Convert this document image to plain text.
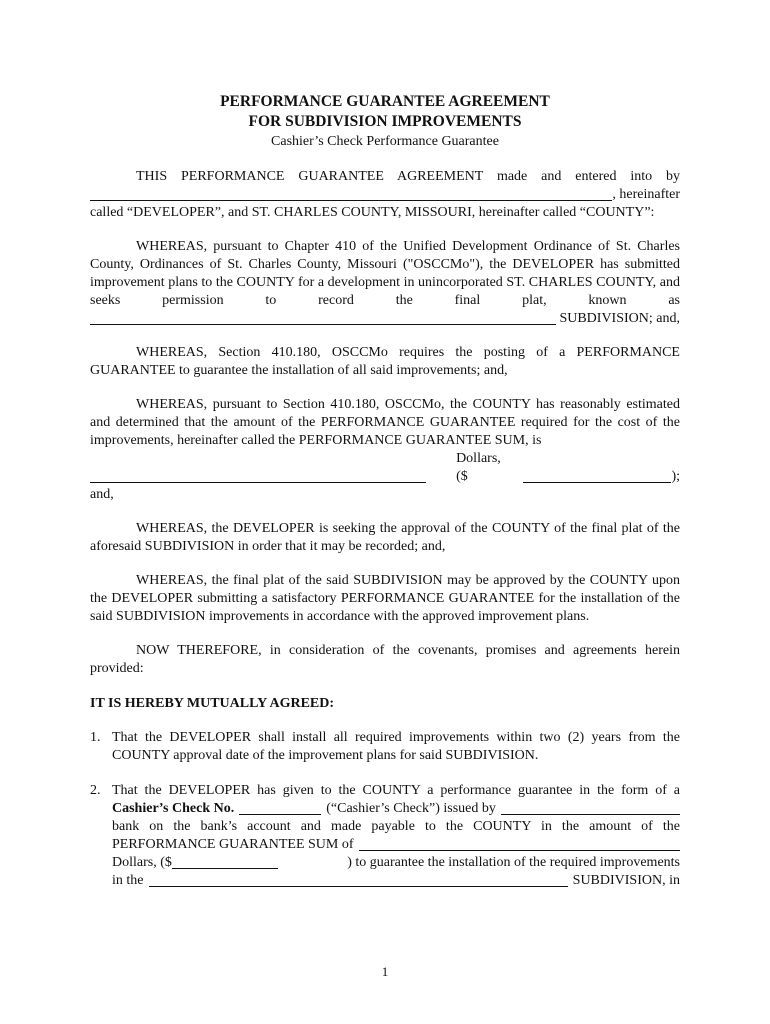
PERFORMANCE GUARANTEE AGREEMENT

FOR SUBDIVISION IMPROVEMENTS

Cashier’s Check Performance Guarantee

THIS PERFORMANCE GUARANTEE AGREEMENT made and entered into by

, hereinafter

called “DEVELOPER”, and ST. CHARLES COUNTY, MISSOURI, hereinafter called “COUNTY”:

WHEREAS, pursuant to Chapter 410 of the Unified Development Ordinance of St. Charles County, Ordinances of St. Charles County, Missouri ("OSCCMo"), the DEVELOPER has submitted improvement plans to the COUNTY for a development in unincorporated ST. CHARLES COUNTY, and seeks permission to record the final plat, known as

SUBDIVISION; and,

WHEREAS, Section 410.180, OSCCMo requires the posting of a PERFORMANCE GUARANTEE to guarantee the installation of all said improvements; and,

WHEREAS, pursuant to Section 410.180, OSCCMo, the COUNTY has reasonably estimated and determined that the amount of the PERFORMANCE GUARANTEE required for the cost of the improvements, hereinafter called the PERFORMANCE GUARANTEE SUM, is

Dollars, ($	);

and,

WHEREAS, the DEVELOPER is seeking the approval of the COUNTY of the final plat of the aforesaid SUBDIVISION in order that it may be recorded; and,

WHEREAS, the final plat of the said SUBDIVISION may be approved by the COUNTY upon the DEVELOPER submitting a satisfactory PERFORMANCE GUARANTEE for the installation of the said SUBDIVISION improvements in accordance with the approved improvement plans.

NOW THEREFORE, in consideration of the covenants, promises and agreements herein provided:

IT IS HEREBY MUTUALLY AGREED:

1. That the DEVELOPER shall install all required improvements within two (2) years from the COUNTY approval date of the improvement plans for said SUBDIVISION.
2. That the DEVELOPER has given to the COUNTY a performance guarantee in the form of a
Cashier’s Check No.	(“Cashier’s Check”) issued by
bank on the bank’s account and made payable to the COUNTY in the amount of the
PERFORMANCE GUARANTEE SUM of
Dollars, ($	) to guarantee the installation of the required improvements
in the	SUBDIVISION, in
1
